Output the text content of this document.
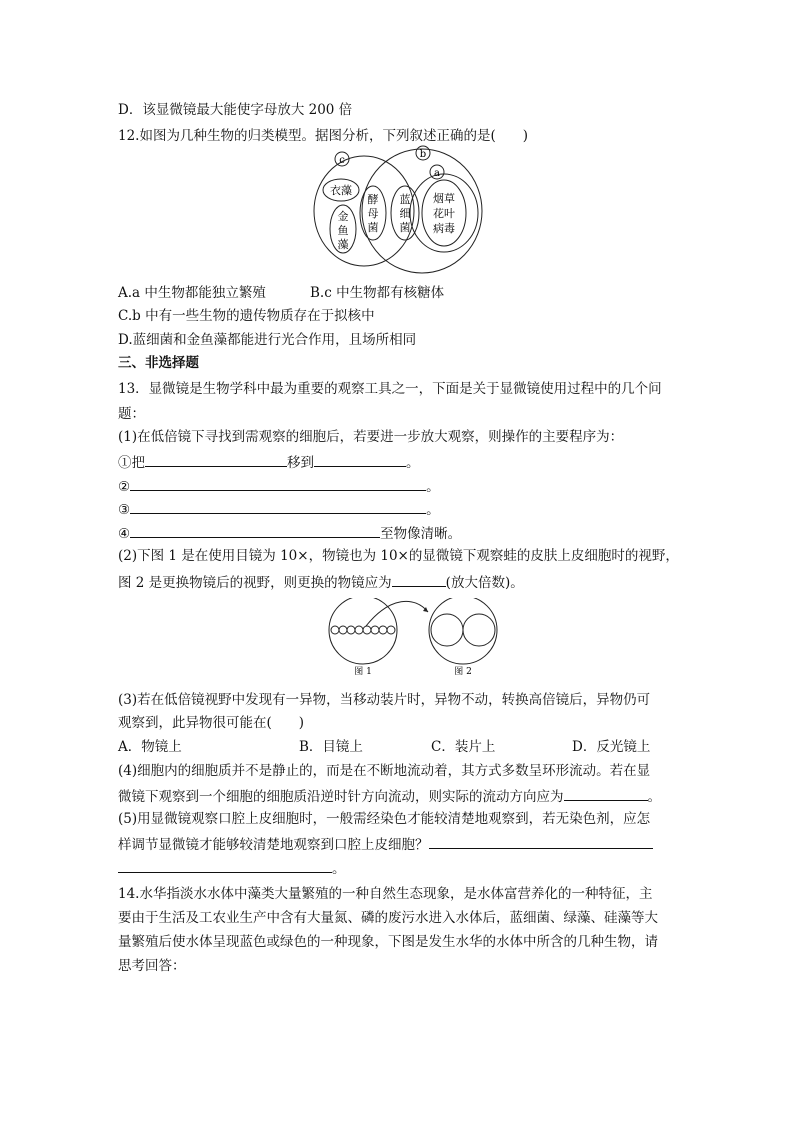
D．该显微镜最大能使字母放大 200 倍
12.如图为几种生物的归类模型。据图分析，下列叙述正确的是(　　)
c
b
a
衣藻
金
鱼
藻
酵
母
菌
蓝
细
菌
烟草
花叶
病毒
A.a 中生物都能独立繁殖	B.c 中生物都有核糖体
C.b 中有一些生物的遗传物质存在于拟核中
D.蓝细菌和金鱼藻都能进行光合作用，且场所相同
三、非选择题
13．显微镜是生物学科中最为重要的观察工具之一，下面是关于显微镜使用过程中的几个问
题：
(1)在低倍镜下寻找到需观察的细胞后，若要进一步放大观察，则操作的主要程序为：
①把	移到	。
②	。
③	。
④	至物像清晰。
(2)下图 1 是在使用目镜为 10×，物镜也为 10×的显微镜下观察蛙的皮肤上皮细胞时的视野，
图 2 是更换物镜后的视野，则更换的物镜应为	(放大倍数)。
图 1	图 2
(3)若在低倍镜视野中发现有一异物，当移动装片时，异物不动，转换高倍镜后，异物仍可
观察到，此异物很可能在(　　)
A．物镜上	B．目镜上	C．装片上	D．反光镜上
(4)细胞内的细胞质并不是静止的，而是在不断地流动着，其方式多数呈环形流动。若在显
微镜下观察到一个细胞的细胞质沿逆时针方向流动，则实际的流动方向应为	。
(5)用显微镜观察口腔上皮细胞时，一般需经染色才能较清楚地观察到，若无染色剂，应怎
样调节显微镜才能够较清楚地观察到口腔上皮细胞？
。
14.水华指淡水水体中藻类大量繁殖的一种自然生态现象，是水体富营养化的一种特征，主
要由于生活及工农业生产中含有大量氮、磷的废污水进入水体后，蓝细菌、绿藻、硅藻等大
量繁殖后使水体呈现蓝色或绿色的一种现象，下图是发生水华的水体中所含的几种生物，请
思考回答：
